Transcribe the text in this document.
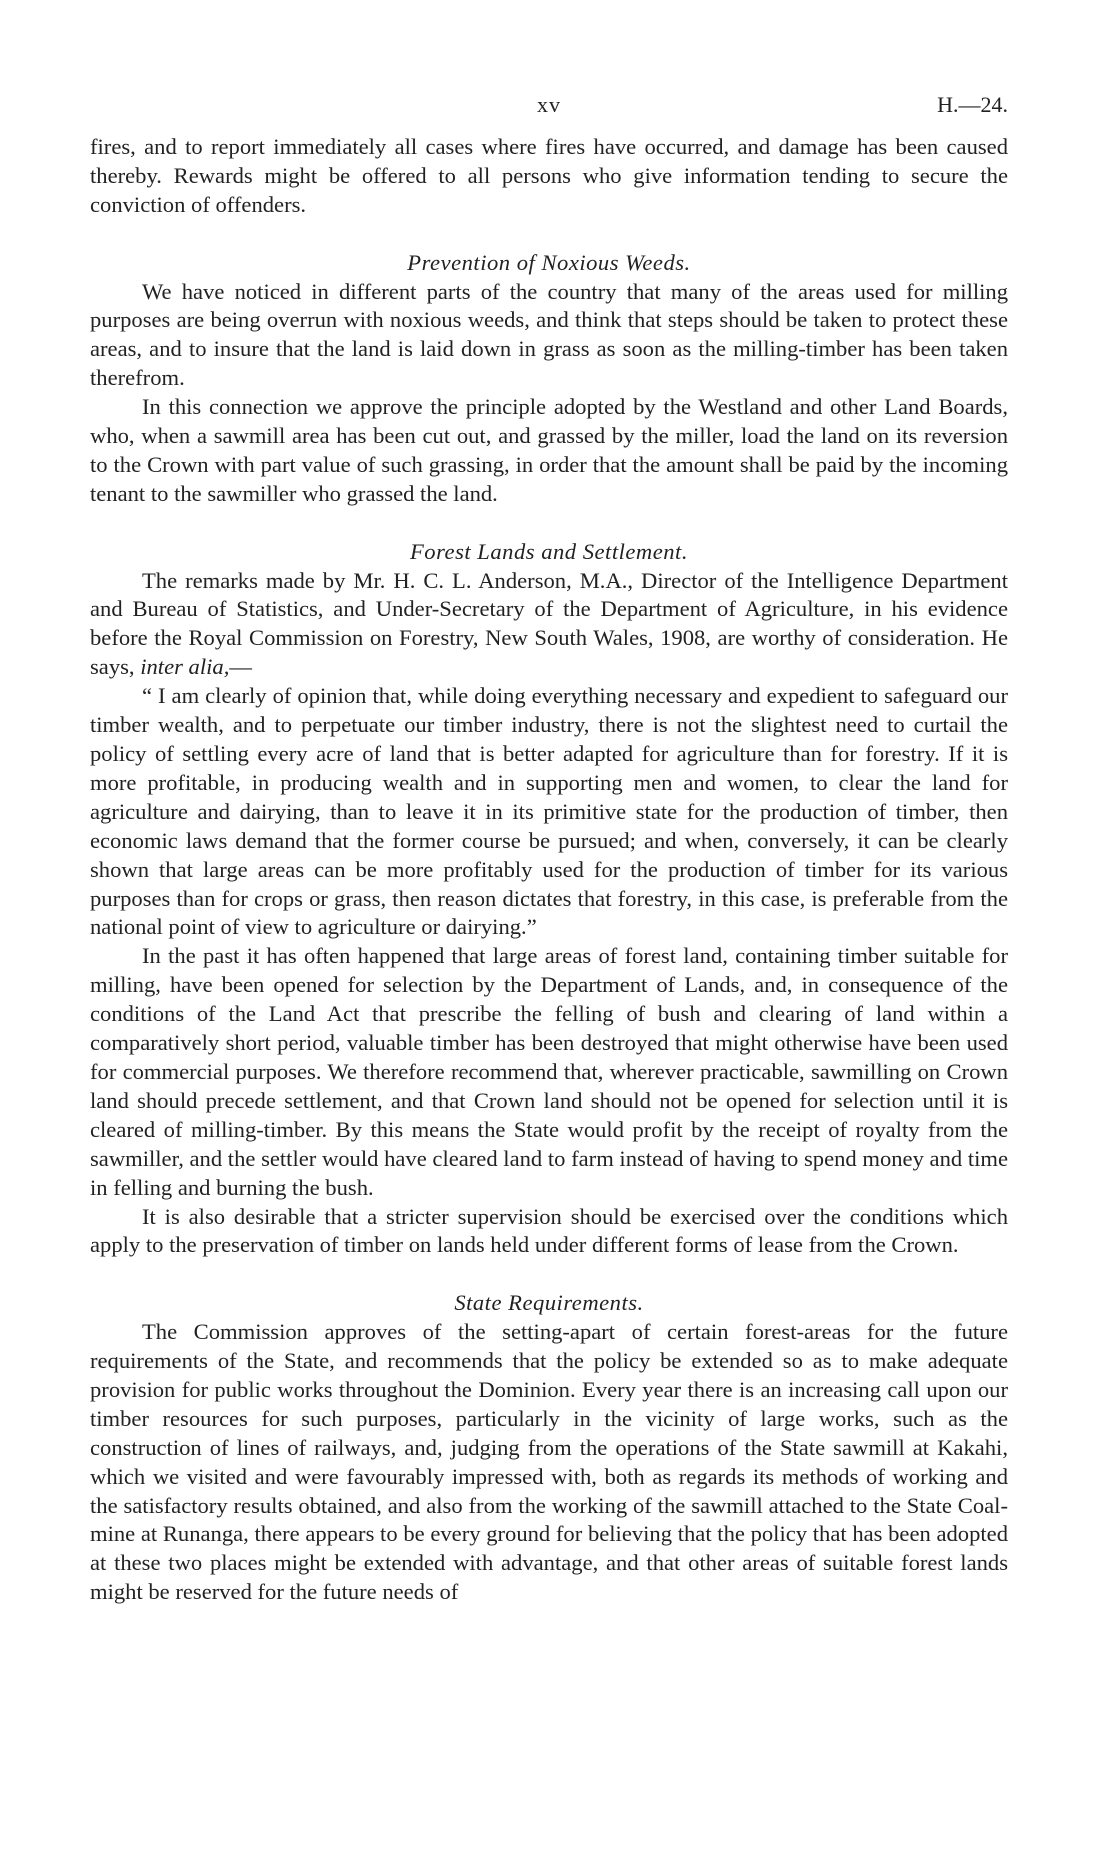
xv	H.—24.

fires, and to report immediately all cases where fires have occurred, and damage has been caused thereby. Rewards might be offered to all persons who give information tending to secure the conviction of offenders.

Prevention of Noxious Weeds.

We have noticed in different parts of the country that many of the areas used for milling purposes are being overrun with noxious weeds, and think that steps should be taken to protect these areas, and to insure that the land is laid down in grass as soon as the milling-timber has been taken therefrom.

In this connection we approve the principle adopted by the Westland and other Land Boards, who, when a sawmill area has been cut out, and grassed by the miller, load the land on its reversion to the Crown with part value of such grassing, in order that the amount shall be paid by the incoming tenant to the sawmiller who grassed the land.

Forest Lands and Settlement.

The remarks made by Mr. H. C. L. Anderson, M.A., Director of the Intelligence Department and Bureau of Statistics, and Under-Secretary of the Department of Agriculture, in his evidence before the Royal Commission on Forestry, New South Wales, 1908, are worthy of consideration. He says, inter alia,—

“ I am clearly of opinion that, while doing everything necessary and expedient to safeguard our timber wealth, and to perpetuate our timber industry, there is not the slightest need to curtail the policy of settling every acre of land that is better adapted for agriculture than for forestry. If it is more profitable, in producing wealth and in supporting men and women, to clear the land for agriculture and dairying, than to leave it in its primitive state for the production of timber, then economic laws demand that the former course be pursued; and when, conversely, it can be clearly shown that large areas can be more profitably used for the production of timber for its various purposes than for crops or grass, then reason dictates that forestry, in this case, is preferable from the national point of view to agriculture or dairying.”

In the past it has often happened that large areas of forest land, containing timber suitable for milling, have been opened for selection by the Department of Lands, and, in consequence of the conditions of the Land Act that prescribe the felling of bush and clearing of land within a comparatively short period, valuable timber has been destroyed that might otherwise have been used for commercial purposes. We therefore recommend that, wherever practicable, sawmilling on Crown land should precede settlement, and that Crown land should not be opened for selection until it is cleared of milling-timber. By this means the State would profit by the receipt of royalty from the sawmiller, and the settler would have cleared land to farm instead of having to spend money and time in felling and burning the bush.

It is also desirable that a stricter supervision should be exercised over the conditions which apply to the preservation of timber on lands held under different forms of lease from the Crown.

State Requirements.

The Commission approves of the setting-apart of certain forest-areas for the future requirements of the State, and recommends that the policy be extended so as to make adequate provision for public works throughout the Dominion. Every year there is an increasing call upon our timber resources for such purposes, particularly in the vicinity of large works, such as the construction of lines of railways, and, judging from the operations of the State sawmill at Kakahi, which we visited and were favourably impressed with, both as regards its methods of working and the satisfactory results obtained, and also from the working of the sawmill attached to the State Coal-mine at Runanga, there appears to be every ground for believing that the policy that has been adopted at these two places might be extended with advantage, and that other areas of suitable forest lands might be reserved for the future needs of
